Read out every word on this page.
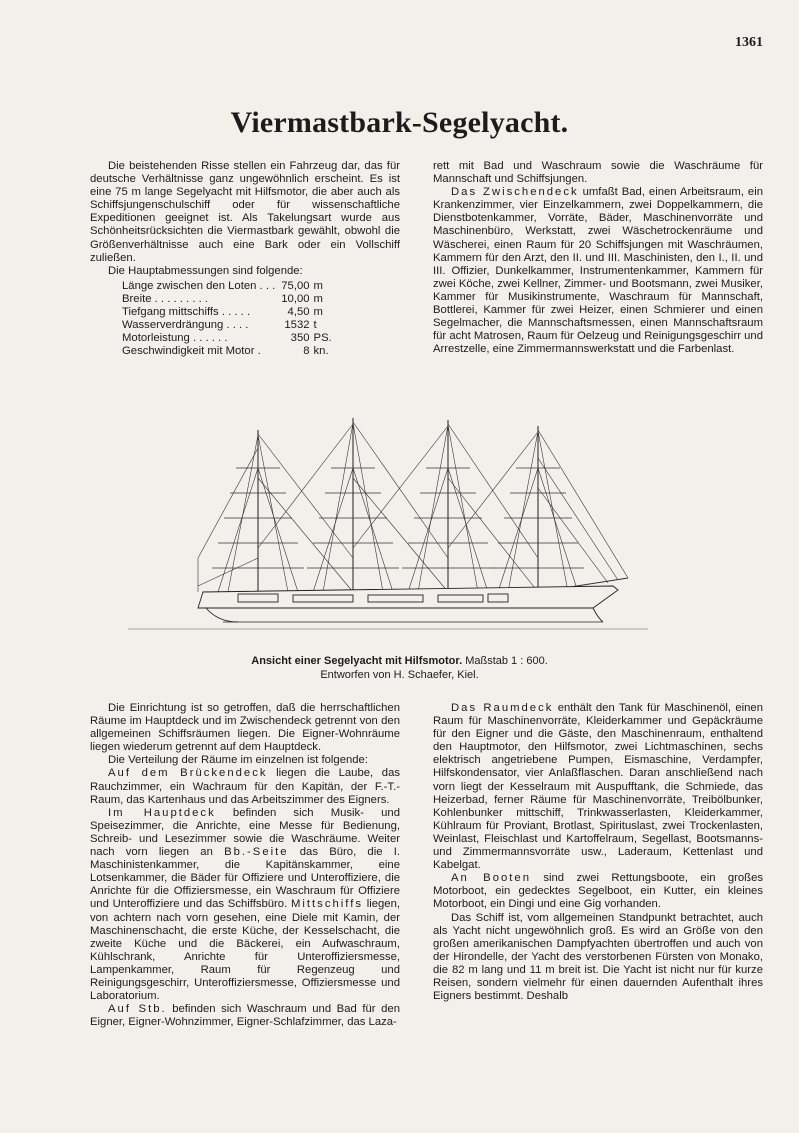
1361
Viermastbark-Segelyacht.

Die beistehenden Risse stellen ein Fahrzeug dar, das für deutsche Verhältnisse ganz ungewöhnlich erscheint. Es ist eine 75 m lange Segelyacht mit Hilfsmotor, die aber auch als Schiffsjungenschulschiff oder für wissenschaftliche Expeditionen geeignet ist. Als Takelungsart wurde aus Schönheitsrücksichten die Viermastbark gewählt, obwohl die Größenverhältnisse auch eine Bark oder ein Vollschiff zuließen.

Die Hauptabmessungen sind folgende:

Länge zwischen den Loten . . .	75,00	m
Breite . . . . . . . . .	10,00	m
Tiefgang mittschiffs . . . . .	4,50	m
Wasserverdrängung . . . .	1532	t
Motorleistung . . . . . .	350	PS.
Geschwindigkeit mit Motor .	8	kn.

rett mit Bad und Waschraum sowie die Waschräume für Mannschaft und Schiffsjungen.

Das Zwischendeck umfaßt Bad, einen Arbeitsraum, ein Krankenzimmer, vier Einzelkammern, zwei Doppelkammern, die Dienstbotenkammer, Vorräte, Bäder, Maschinenvorräte und Maschinenbüro, Werkstatt, zwei Wäschetrockenräume und Wäscherei, einen Raum für 20 Schiffsjungen mit Waschräumen, Kammern für den Arzt, den II. und III. Maschinisten, den I., II. und III. Offizier, Dunkelkammer, Instrumentenkammer, Kammern für zwei Köche, zwei Kellner, Zimmer- und Bootsmann, zwei Musiker, Kammer für Musikinstrumente, Waschraum für Mannschaft, Bottlerei, Kammer für zwei Heizer, einen Schmierer und einen Segelmacher, die Mannschaftsmessen, einen Mannschaftsraum für acht Matrosen, Raum für Oelzeug und Reinigungsgeschirr und Arrestzelle, eine Zimmermannswerkstatt und die Farbenlast.

Ansicht einer Segelyacht mit Hilfsmotor. Maßstab 1 : 600.
Entworfen von H. Schaefer, Kiel.

Die Einrichtung ist so getroffen, daß die herrschaftlichen Räume im Hauptdeck und im Zwischendeck getrennt von den allgemeinen Schiffsräumen liegen. Die Eigner-Wohnräume liegen wiederum getrennt auf dem Hauptdeck.

Die Verteilung der Räume im einzelnen ist folgende:

Auf dem Brückendeck liegen die Laube, das Rauchzimmer, ein Wachraum für den Kapitän, der F.-T.-Raum, das Kartenhaus und das Arbeitszimmer des Eigners.

Im Hauptdeck befinden sich Musik- und Speisezimmer, die Anrichte, eine Messe für Bedienung, Schreib- und Lesezimmer sowie die Waschräume. Weiter nach vorn liegen an Bb.-Seite das Büro, die I. Maschinistenkammer, die Kapitänskammer, eine Lotsenkammer, die Bäder für Offiziere und Unteroffiziere, die Anrichte für die Offiziersmesse, ein Waschraum für Offiziere und Unteroffiziere und das Schiffsbüro. Mittschiffs liegen, von achtern nach vorn gesehen, eine Diele mit Kamin, der Maschinenschacht, die erste Küche, der Kesselschacht, die zweite Küche und die Bäckerei, ein Aufwaschraum, Kühlschrank, Anrichte für Unteroffiziersmesse, Lampenkammer, Raum für Regenzeug und Reinigungsgeschirr, Unteroffiziersmesse, Offiziersmesse und Laboratorium.

Auf Stb. befinden sich Waschraum und Bad für den Eigner, Eigner-Wohnzimmer, Eigner-Schlafzimmer, das Laza-

Das Raumdeck enthält den Tank für Maschinenöl, einen Raum für Maschinenvorräte, Kleiderkammer und Gepäckräume für den Eigner und die Gäste, den Maschinenraum, enthaltend den Hauptmotor, den Hilfsmotor, zwei Lichtmaschinen, sechs elektrisch angetriebene Pumpen, Eismaschine, Verdampfer, Hilfskondensator, vier Anlaßflaschen. Daran anschließend nach vorn liegt der Kesselraum mit Auspufftank, die Schmiede, das Heizerbad, ferner Räume für Maschinenvorräte, Treibölbunker, Kohlenbunker mittschiff, Trinkwasserlasten, Kleiderkammer, Kühlraum für Proviant, Brotlast, Spirituslast, zwei Trockenlasten, Weinlast, Fleischlast und Kartoffelraum, Segellast, Bootsmanns- und Zimmermannsvorräte usw., Laderaum, Kettenlast und Kabelgat.

An Booten sind zwei Rettungsboote, ein großes Motorboot, ein gedecktes Segelboot, ein Kutter, ein kleines Motorboot, ein Dingi und eine Gig vorhanden.

Das Schiff ist, vom allgemeinen Standpunkt betrachtet, auch als Yacht nicht ungewöhnlich groß. Es wird an Größe von den großen amerikanischen Dampfyachten übertroffen und auch von der Hirondelle, der Yacht des verstorbenen Fürsten von Monako, die 82 m lang und 11 m breit ist. Die Yacht ist nicht nur für kurze Reisen, sondern vielmehr für einen dauernden Aufenthalt ihres Eigners bestimmt. Deshalb
